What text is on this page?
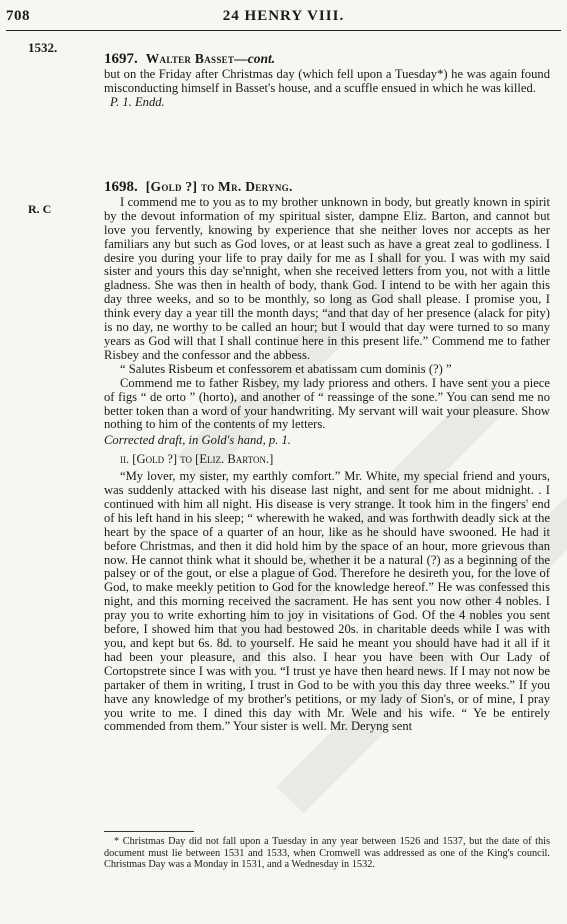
708	24 HENRY VIII.
1532.
1697. Walter Basset—cont.

but on the Friday after Christmas day (which fell upon a Tuesday*) he was again found misconducting himself in Basset's house, and a scuffle ensued in which he was killed.

P. 1. Endd.
R. C
1698. [Gold ?] to Mr. Deryng.

I commend me to you as to my brother unknown in body, but greatly known in spirit by the devout information of my spiritual sister, dampne Eliz. Barton, and cannot but love you fervently, knowing by experience that she neither loves nor accepts as her familiars any but such as God loves, or at least such as have a great zeal to godliness. I desire you during your life to pray daily for me as I shall for you. I was with my said sister and yours this day se'nnight, when she received letters from you, not with a little gladness. She was then in health of body, thank God. I intend to be with her again this day three weeks, and so to be monthly, so long as God shall please. I promise you, I think every day a year till the month days; “and that day of her presence (alack for pity) is no day, ne worthy to be called an hour; but I would that day were turned to so many years as God will that I shall continue here in this present life.” Commend me to father Risbey and the confessor and the abbess.

“ Salutes Risbeum et confessorem et abatissam cum dominis (?) ”

Commend me to father Risbey, my lady prioress and others. I have sent you a piece of figs “ de orto ” (horto), and another of “ reassinge of the sone.” You can send me no better token than a word of your handwriting. My servant will wait your pleasure. Show nothing to him of the contents of my letters.

Corrected draft, in Gold's hand, p. 1.
ii. [Gold ?] to [Eliz. Barton.]

“My lover, my sister, my earthly comfort.” Mr. White, my special friend and yours, was suddenly attacked with his disease last night, and sent for me about midnight. . I continued with him all night. His disease is very strange. It took him in the fingers' end of his left hand in his sleep; “ wherewith he waked, and was forthwith deadly sick at the heart by the space of a quarter of an hour, like as he should have swooned. He had it before Christmas, and then it did hold him by the space of an hour, more grievous than now. He cannot think what it should be, whether it be a natural (?) as a beginning of the palsey or of the gout, or else a plague of God. Therefore he desireth you, for the love of God, to make meekly petition to God for the knowledge hereof.” He was confessed this night, and this morning received the sacrament. He has sent you now other 4 nobles. I pray you to write exhorting him to joy in visitations of God. Of the 4 nobles you sent before, I showed him that you had bestowed 20s. in charitable deeds while I was with you, and kept but 6s. 8d. to yourself. He said he meant you should have had it all if it had been your pleasure, and this also. I hear you have been with Our Lady of Cortopstrete since I was with you. “I trust ye have then heard news. If I may not now be partaker of them in writing, I trust in God to be with you this day three weeks.” If you have any knowledge of my brother's petitions, or my lady of Sion's, or of mine, I pray you write to me. I dined this day with Mr. Wele and his wife. “ Ye be entirely commended from them.” Your sister is well. Mr. Deryng sent

* Christmas Day did not fall upon a Tuesday in any year between 1526 and 1537, but the date of this document must lie between 1531 and 1533, when Cromwell was addressed as one of the King's council. Christmas Day was a Monday in 1531, and a Wednesday in 1532.
